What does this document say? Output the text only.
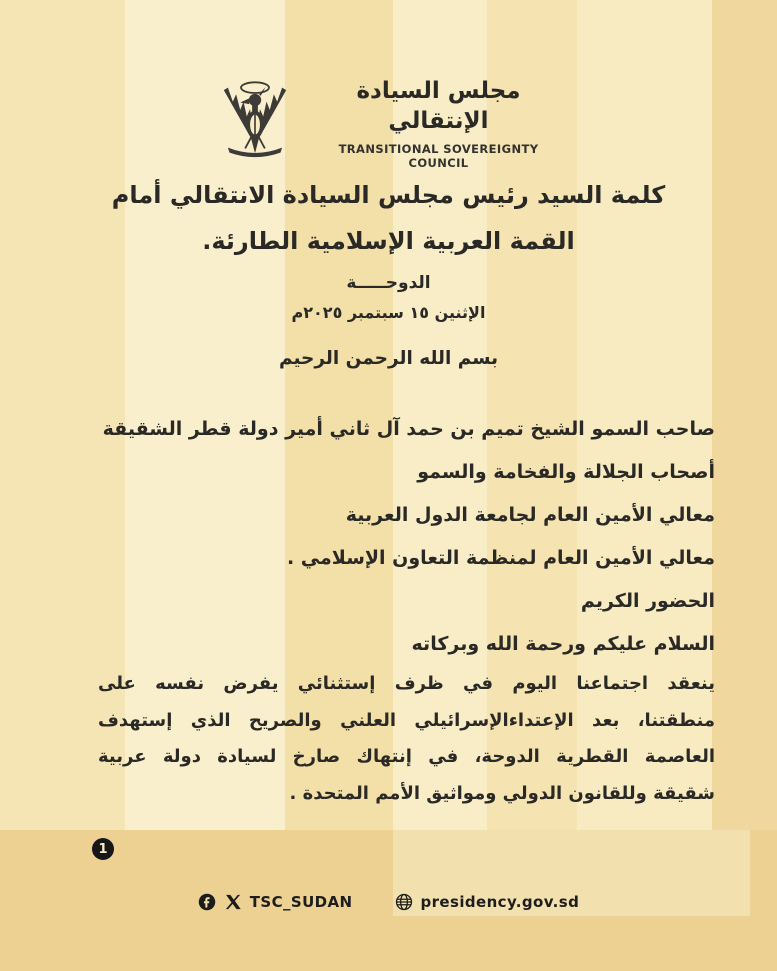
مجلس السيادة الإنتقالي
TRANSITIONAL SOVEREIGNTY COUNCIL
كلمة السيد رئيس مجلس السيادة الانتقالي أمام
القمة العربية الإسلامية الطارئة.
الدوحـــــة
الإثنين ١٥ سبتمبر ٢٠٢٥م
بسم الله الرحمن الرحيم
صاحب السمو الشيخ تميم بن حمد آل ثاني أمير دولة قطر الشقيقة
أصحاب الجلالة والفخامة والسمو
معالي الأمين العام لجامعة الدول العربية
معالي الأمين العام لمنظمة التعاون الإسلامي .
الحضور الكريم
السلام عليكم ورحمة الله وبركاته
ينعقد اجتماعنا اليوم في ظرف إستثنائي يفرض نفسه على
منطقتنا، بعد الإعتداءالإسرائيلي العلني والصريح الذي إستهدف
العاصمة القطرية الدوحة، في إنتهاك صارخ لسيادة دولة عربية
شقيقة وللقانون الدولي ومواثيق الأمم المتحدة .
1
TSC_SUDAN	presidency.gov.sd
